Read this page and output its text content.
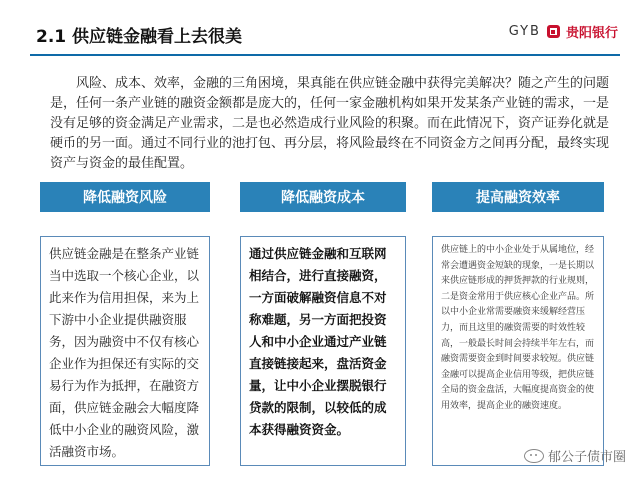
2.1 供应链金融看上去很美	GYB 贵阳银行

风险、成本、效率，金融的三角困境，果真能在供应链金融中获得完美解决？随之产生的问题是，任何一条产业链的融资金额都是庞大的，任何一家金融机构如果开发某条产业链的需求，一是没有足够的资金满足产业需求，二是也必然造成行业风险的积聚。而在此情况下，资产证券化就是硬币的另一面。通过不同行业的池打包、再分层，将风险最终在不同资金方之间再分配，最终实现资产与资金的最佳配置。

降低融资风险

供应链金融是在整条产业链当中选取一个核心企业，以此来作为信用担保，来为上下游中小企业提供融资服务，因为融资中不仅有核心企业作为担保还有实际的交易行为作为抵押，在融资方面，供应链金融会大幅度降低中小企业的融资风险，激活融资市场。

降低融资成本

通过供应链金融和互联网相结合，进行直接融资，一方面破解融资信息不对称难题，另一方面把投资人和中小企业通过产业链直接链接起来，盘活资金量，让中小企业摆脱银行贷款的限制，以较低的成本获得融资资金。

提高融资效率

供应链上的中小企业处于从属地位，经常会遭遇资金短缺的现象，一是长期以来供应链形成的押货押款的行业规则，二是资金常用于供应核心企业产品。所以中小企业常需要融资来缓解经营压力，而且这里的融资需要的时效性较高，一般最长时间会持续半年左右，而融资需要资金到时间要求较短。供应链金融可以提高企业信用等级，把供应链全局的资金盘活，大幅度提高资金的使用效率，提高企业的融资速度。

郁公子债市圈
